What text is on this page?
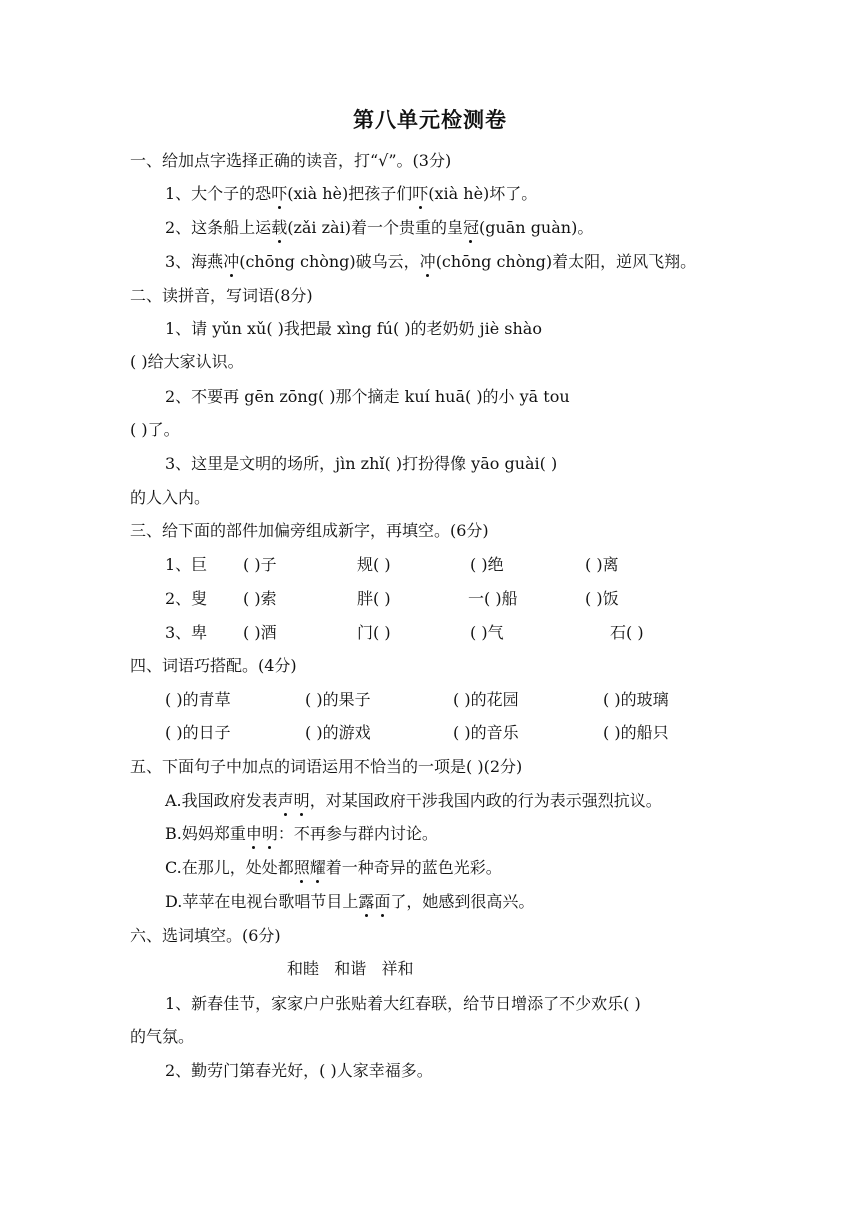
第八单元检测卷
一、给加点字选择正确的读音，打“√”。(3分)
1、大个子的恐吓(xià hè)把孩子们吓(xià hè)坏了。
2、这条船上运载(zǎi zài)着一个贵重的皇冠(guān guàn)。
3、海燕冲(chōng chòng)破乌云，冲(chōng chòng)着太阳，逆风飞翔。
二、读拼音，写词语(8分)
1、请 yǔn xǔ( )我把最 xìng fú( )的老奶奶 jiè shào
( )给大家认识。
2、不要再 gēn zōng( )那个摘走 kuí huā( )的小 yā tou
( )了。
3、这里是文明的场所，jìn zhǐ( )打扮得像 yāo guài( )
的人入内。
三、给下面的部件加偏旁组成新字，再填空。(6分)
1、巨 ( )子	规( )	( )绝	( )离
2、叟 ( )索	胖( )	一( )船	( )饭
3、卑 ( )酒	门( )	( )气	石( )
四、词语巧搭配。(4分)
( )的青草	( )的果子	( )的花园	( )的玻璃
( )的日子	( )的游戏	( )的音乐	( )的船只
五、下面句子中加点的词语运用不恰当的一项是( )(2分)
A.我国政府发表声明，对某国政府干涉我国内政的行为表示强烈抗议。
B.妈妈郑重申明：不再参与群内讨论。
C.在那儿，处处都照耀着一种奇异的蓝色光彩。
D.苹苹在电视台歌唱节目上露面了，她感到很高兴。
六、选词填空。(6分)
和睦   和谐   祥和
1、新春佳节，家家户户张贴着大红春联，给节日增添了不少欢乐( )
的气氛。
2、勤劳门第春光好，( )人家幸福多。
